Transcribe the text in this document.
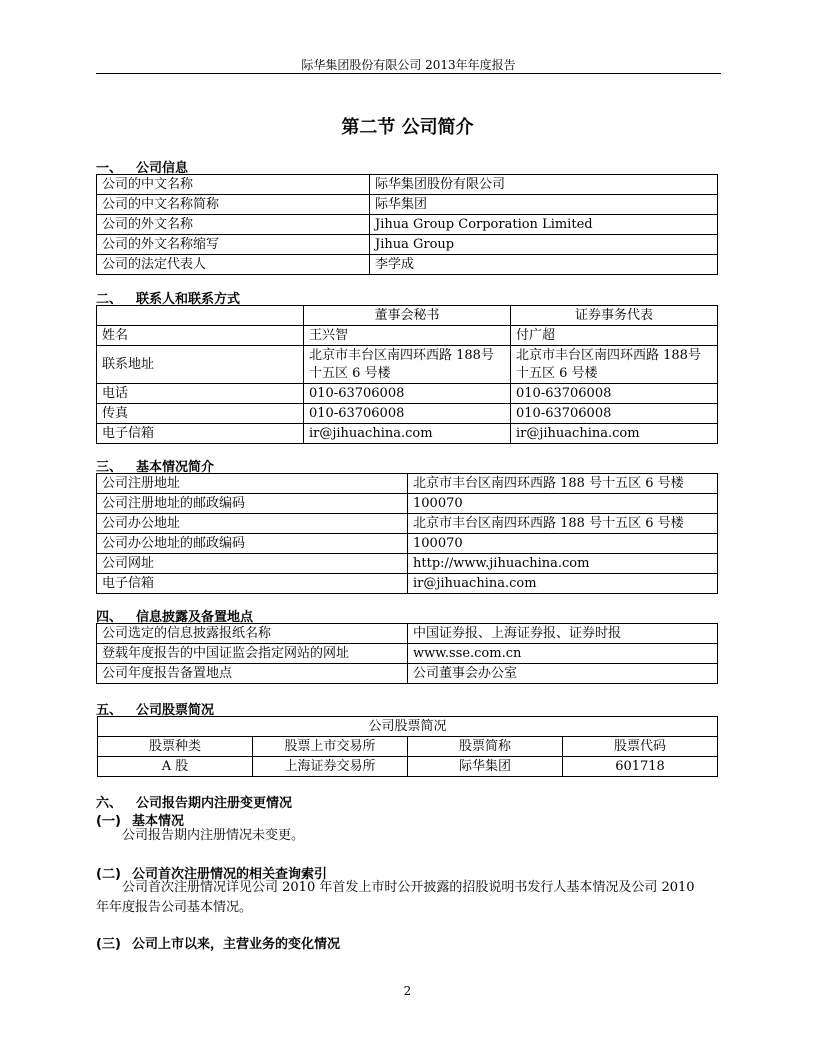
际华集团股份有限公司 2013年年度报告
第二节 公司简介
一、 公司信息
公司的中文名称	际华集团股份有限公司
公司的中文名称简称	际华集团
公司的外文名称	Jihua Group Corporation Limited
公司的外文名称缩写	Jihua Group
公司的法定代表人	李学成
二、 联系人和联系方式
	董事会秘书	证券事务代表
姓名	王兴智	付广超
联系地址	北京市丰台区南四环西路 188号十五区 6 号楼	北京市丰台区南四环西路 188号十五区 6 号楼
电话	010-63706008	010-63706008
传真	010-63706008	010-63706008
电子信箱	ir@jihuachina.com	ir@jihuachina.com
三、 基本情况简介
公司注册地址	北京市丰台区南四环西路 188 号十五区 6 号楼
公司注册地址的邮政编码	100070
公司办公地址	北京市丰台区南四环西路 188 号十五区 6 号楼
公司办公地址的邮政编码	100070
公司网址	http://www.jihuachina.com
电子信箱	ir@jihuachina.com
四、 信息披露及备置地点
公司选定的信息披露报纸名称	中国证券报、上海证券报、证券时报
登载年度报告的中国证监会指定网站的网址	www.sse.com.cn
公司年度报告备置地点	公司董事会办公室
五、 公司股票简况
公司股票简况			
股票种类	股票上市交易所	股票简称	股票代码
A 股	上海证券交易所	际华集团	601718
六、 公司报告期内注册变更情况
(一) 基本情况
公司报告期内注册情况未变更。
(二) 公司首次注册情况的相关查询索引
公司首次注册情况详见公司 2010 年首发上市时公开披露的招股说明书发行人基本情况及公司 2010
年年度报告公司基本情况。
(三) 公司上市以来，主营业务的变化情况
2
